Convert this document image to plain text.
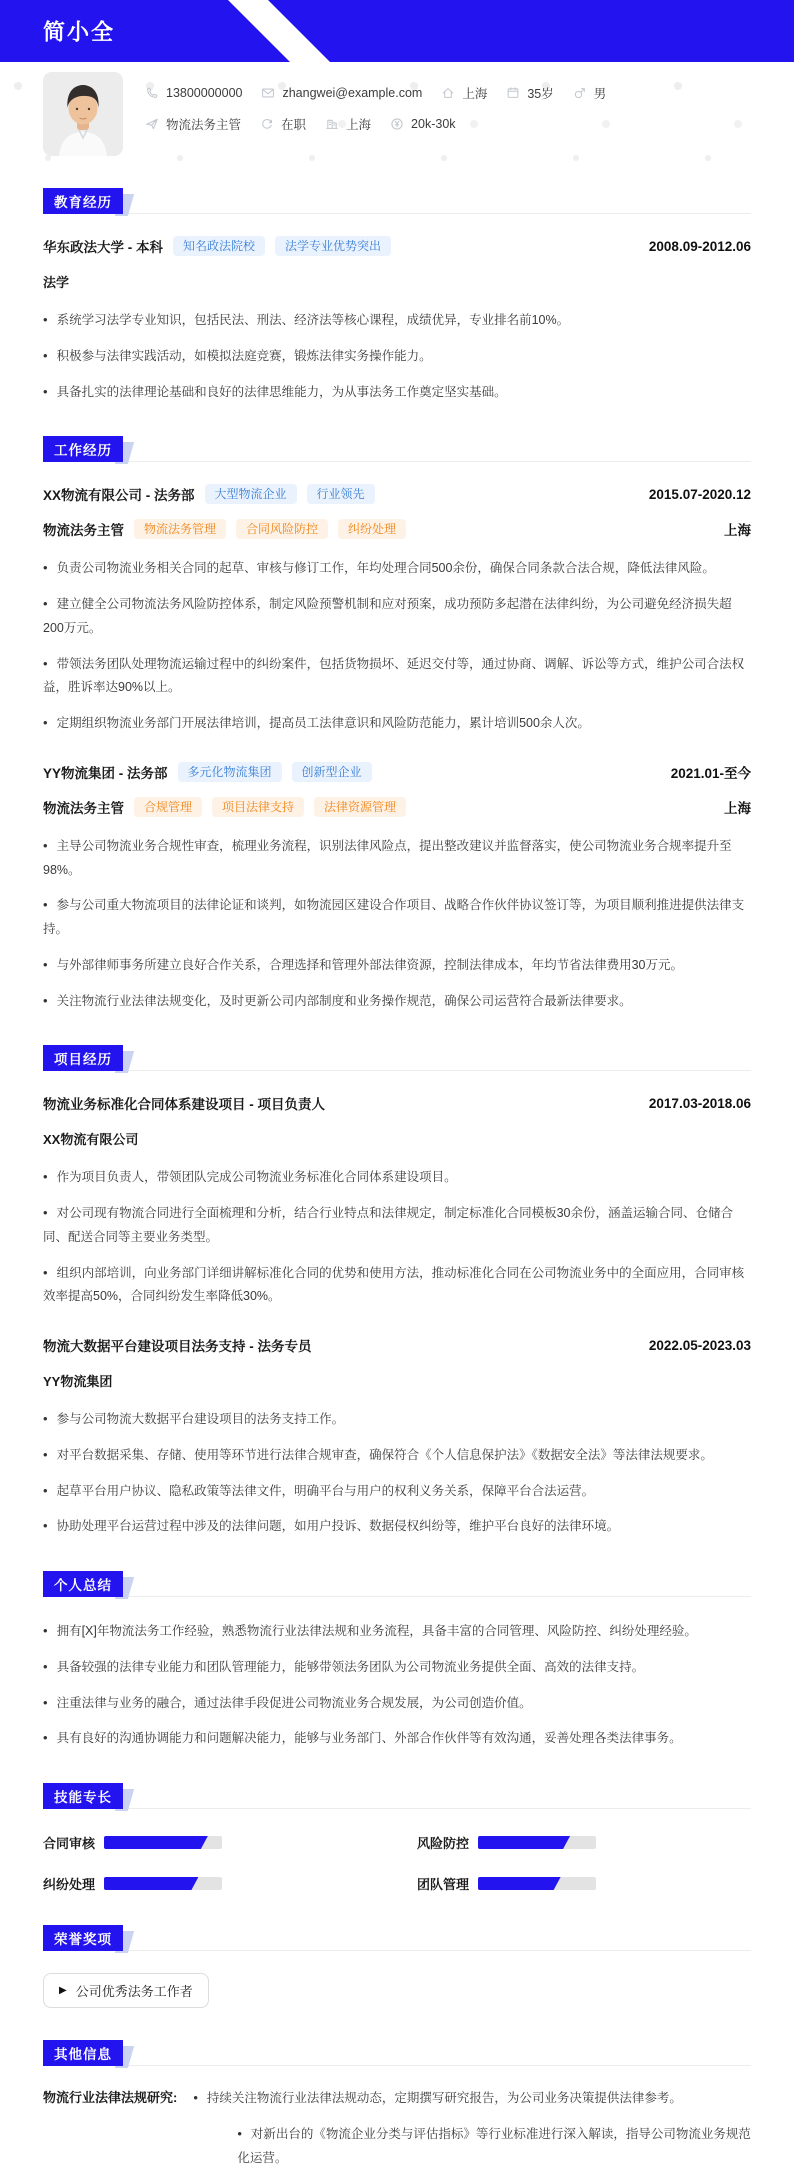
简小全
13800000000	zhangwei@example.com	上海	35岁	男
物流法务主管	在职	上海	20k-30k
教育经历
华东政法大学 - 本科	知名政法院校	法学专业优势突出	2008.09-2012.06
法学
• 系统学习法学专业知识，包括民法、刑法、经济法等核心课程，成绩优异，专业排名前10%。
• 积极参与法律实践活动，如模拟法庭竞赛，锻炼法律实务操作能力。
• 具备扎实的法律理论基础和良好的法律思维能力，为从事法务工作奠定坚实基础。
工作经历
XX物流有限公司 - 法务部	大型物流企业	行业领先	2015.07-2020.12
物流法务主管	物流法务管理	合同风险防控	纠纷处理	上海
• 负责公司物流业务相关合同的起草、审核与修订工作，年均处理合同500余份，确保合同条款合法合规，降低法律风险。
• 建立健全公司物流法务风险防控体系，制定风险预警机制和应对预案，成功预防多起潜在法律纠纷，为公司避免经济损失超200万元。
• 带领法务团队处理物流运输过程中的纠纷案件，包括货物损坏、延迟交付等，通过协商、调解、诉讼等方式，维护公司合法权益，胜诉率达90%以上。
• 定期组织物流业务部门开展法律培训，提高员工法律意识和风险防范能力，累计培训500余人次。
YY物流集团 - 法务部	多元化物流集团	创新型企业	2021.01-至今
物流法务主管	合规管理	项目法律支持	法律资源管理	上海
• 主导公司物流业务合规性审查，梳理业务流程，识别法律风险点，提出整改建议并监督落实，使公司物流业务合规率提升至98%。
• 参与公司重大物流项目的法律论证和谈判，如物流园区建设合作项目、战略合作伙伴协议签订等，为项目顺利推进提供法律支持。
• 与外部律师事务所建立良好合作关系，合理选择和管理外部法律资源，控制法律成本，年均节省法律费用30万元。
• 关注物流行业法律法规变化，及时更新公司内部制度和业务操作规范，确保公司运营符合最新法律要求。
项目经历
物流业务标准化合同体系建设项目 - 项目负责人	2017.03-2018.06
XX物流有限公司
• 作为项目负责人，带领团队完成公司物流业务标准化合同体系建设项目。
• 对公司现有物流合同进行全面梳理和分析，结合行业特点和法律规定，制定标准化合同模板30余份，涵盖运输合同、仓储合同、配送合同等主要业务类型。
• 组织内部培训，向业务部门详细讲解标准化合同的优势和使用方法，推动标准化合同在公司物流业务中的全面应用，合同审核效率提高50%，合同纠纷发生率降低30%。
物流大数据平台建设项目法务支持 - 法务专员	2022.05-2023.03
YY物流集团
• 参与公司物流大数据平台建设项目的法务支持工作。
• 对平台数据采集、存储、使用等环节进行法律合规审查，确保符合《个人信息保护法》《数据安全法》等法律法规要求。
• 起草平台用户协议、隐私政策等法律文件，明确平台与用户的权利义务关系，保障平台合法运营。
• 协助处理平台运营过程中涉及的法律问题，如用户投诉、数据侵权纠纷等，维护平台良好的法律环境。
个人总结
• 拥有[X]年物流法务工作经验，熟悉物流行业法律法规和业务流程，具备丰富的合同管理、风险防控、纠纷处理经验。
• 具备较强的法律专业能力和团队管理能力，能够带领法务团队为公司物流业务提供全面、高效的法律支持。
• 注重法律与业务的融合，通过法律手段促进公司物流业务合规发展，为公司创造价值。
• 具有良好的沟通协调能力和问题解决能力，能够与业务部门、外部合作伙伴等有效沟通，妥善处理各类法律事务。
技能专长
合同审核	风险防控
纠纷处理	团队管理
荣誉奖项
▶ 公司优秀法务工作者
其他信息
物流行业法律法规研究:	• 持续关注物流行业法律法规动态，定期撰写研究报告，为公司业务决策提供法律参考。
• 对新出台的《物流企业分类与评估指标》等行业标准进行深入解读，指导公司物流业务规范化运营。
